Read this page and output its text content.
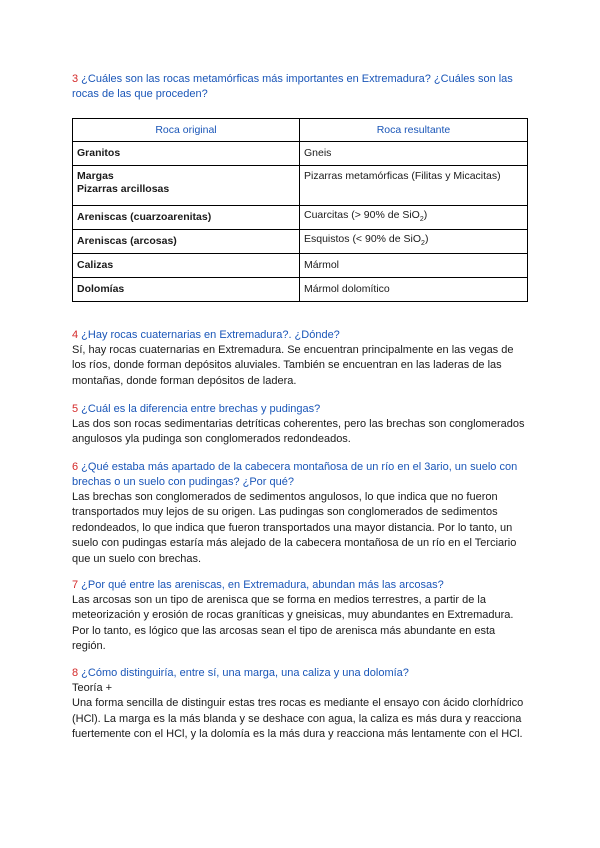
3 ¿Cuáles son las rocas metamórficas más importantes en Extremadura? ¿Cuáles son las rocas de las que proceden?

Roca original	Roca resultante
Granitos	Gneis
Margas
Pizarras arcillosas	Pizarras metamórficas (Filitas y Micacitas)
Areniscas (cuarzoarenitas)	Cuarcitas (> 90% de SiO$_2$)
Areniscas (arcosas)	Esquistos (< 90% de SiO$_2$)
Calizas	Mármol
Dolomías	Mármol dolomítico

4 ¿Hay rocas cuaternarias en Extremadura?. ¿Dónde?

Sí, hay rocas cuaternarias en Extremadura. Se encuentran principalmente en las vegas de los ríos, donde forman depósitos aluviales. También se encuentran en las laderas de las montañas, donde forman depósitos de ladera.

5 ¿Cuál es la diferencia entre brechas y pudingas?

Las dos son rocas sedimentarias detríticas coherentes, pero las brechas son conglomerados angulosos yla pudinga son conglomerados redondeados.

6 ¿Qué estaba más apartado de la cabecera montañosa de un río en el 3ario, un suelo con brechas o un suelo con pudingas? ¿Por qué?

Las brechas son conglomerados de sedimentos angulosos, lo que indica que no fueron transportados muy lejos de su origen. Las pudingas son conglomerados de sedimentos redondeados, lo que indica que fueron transportados una mayor distancia. Por lo tanto, un suelo con pudingas estaría más alejado de la cabecera montañosa de un río en el Terciario que un suelo con brechas.

7 ¿Por qué entre las areniscas, en Extremadura, abundan más las arcosas?

Las arcosas son un tipo de arenisca que se forma en medios terrestres, a partir de la meteorización y erosión de rocas graníticas y gneisicas, muy abundantes en Extremadura. Por lo tanto, es lógico que las arcosas sean el tipo de arenisca más abundante en esta región.

8 ¿Cómo distinguiría, entre sí, una marga, una caliza y una dolomía?

Teoría +

Una forma sencilla de distinguir estas tres rocas es mediante el ensayo con ácido clorhídrico (HCl). La marga es la más blanda y se deshace con agua, la caliza es más dura y reacciona fuertemente con el HCl, y la dolomía es la más dura y reacciona más lentamente con el HCl.
